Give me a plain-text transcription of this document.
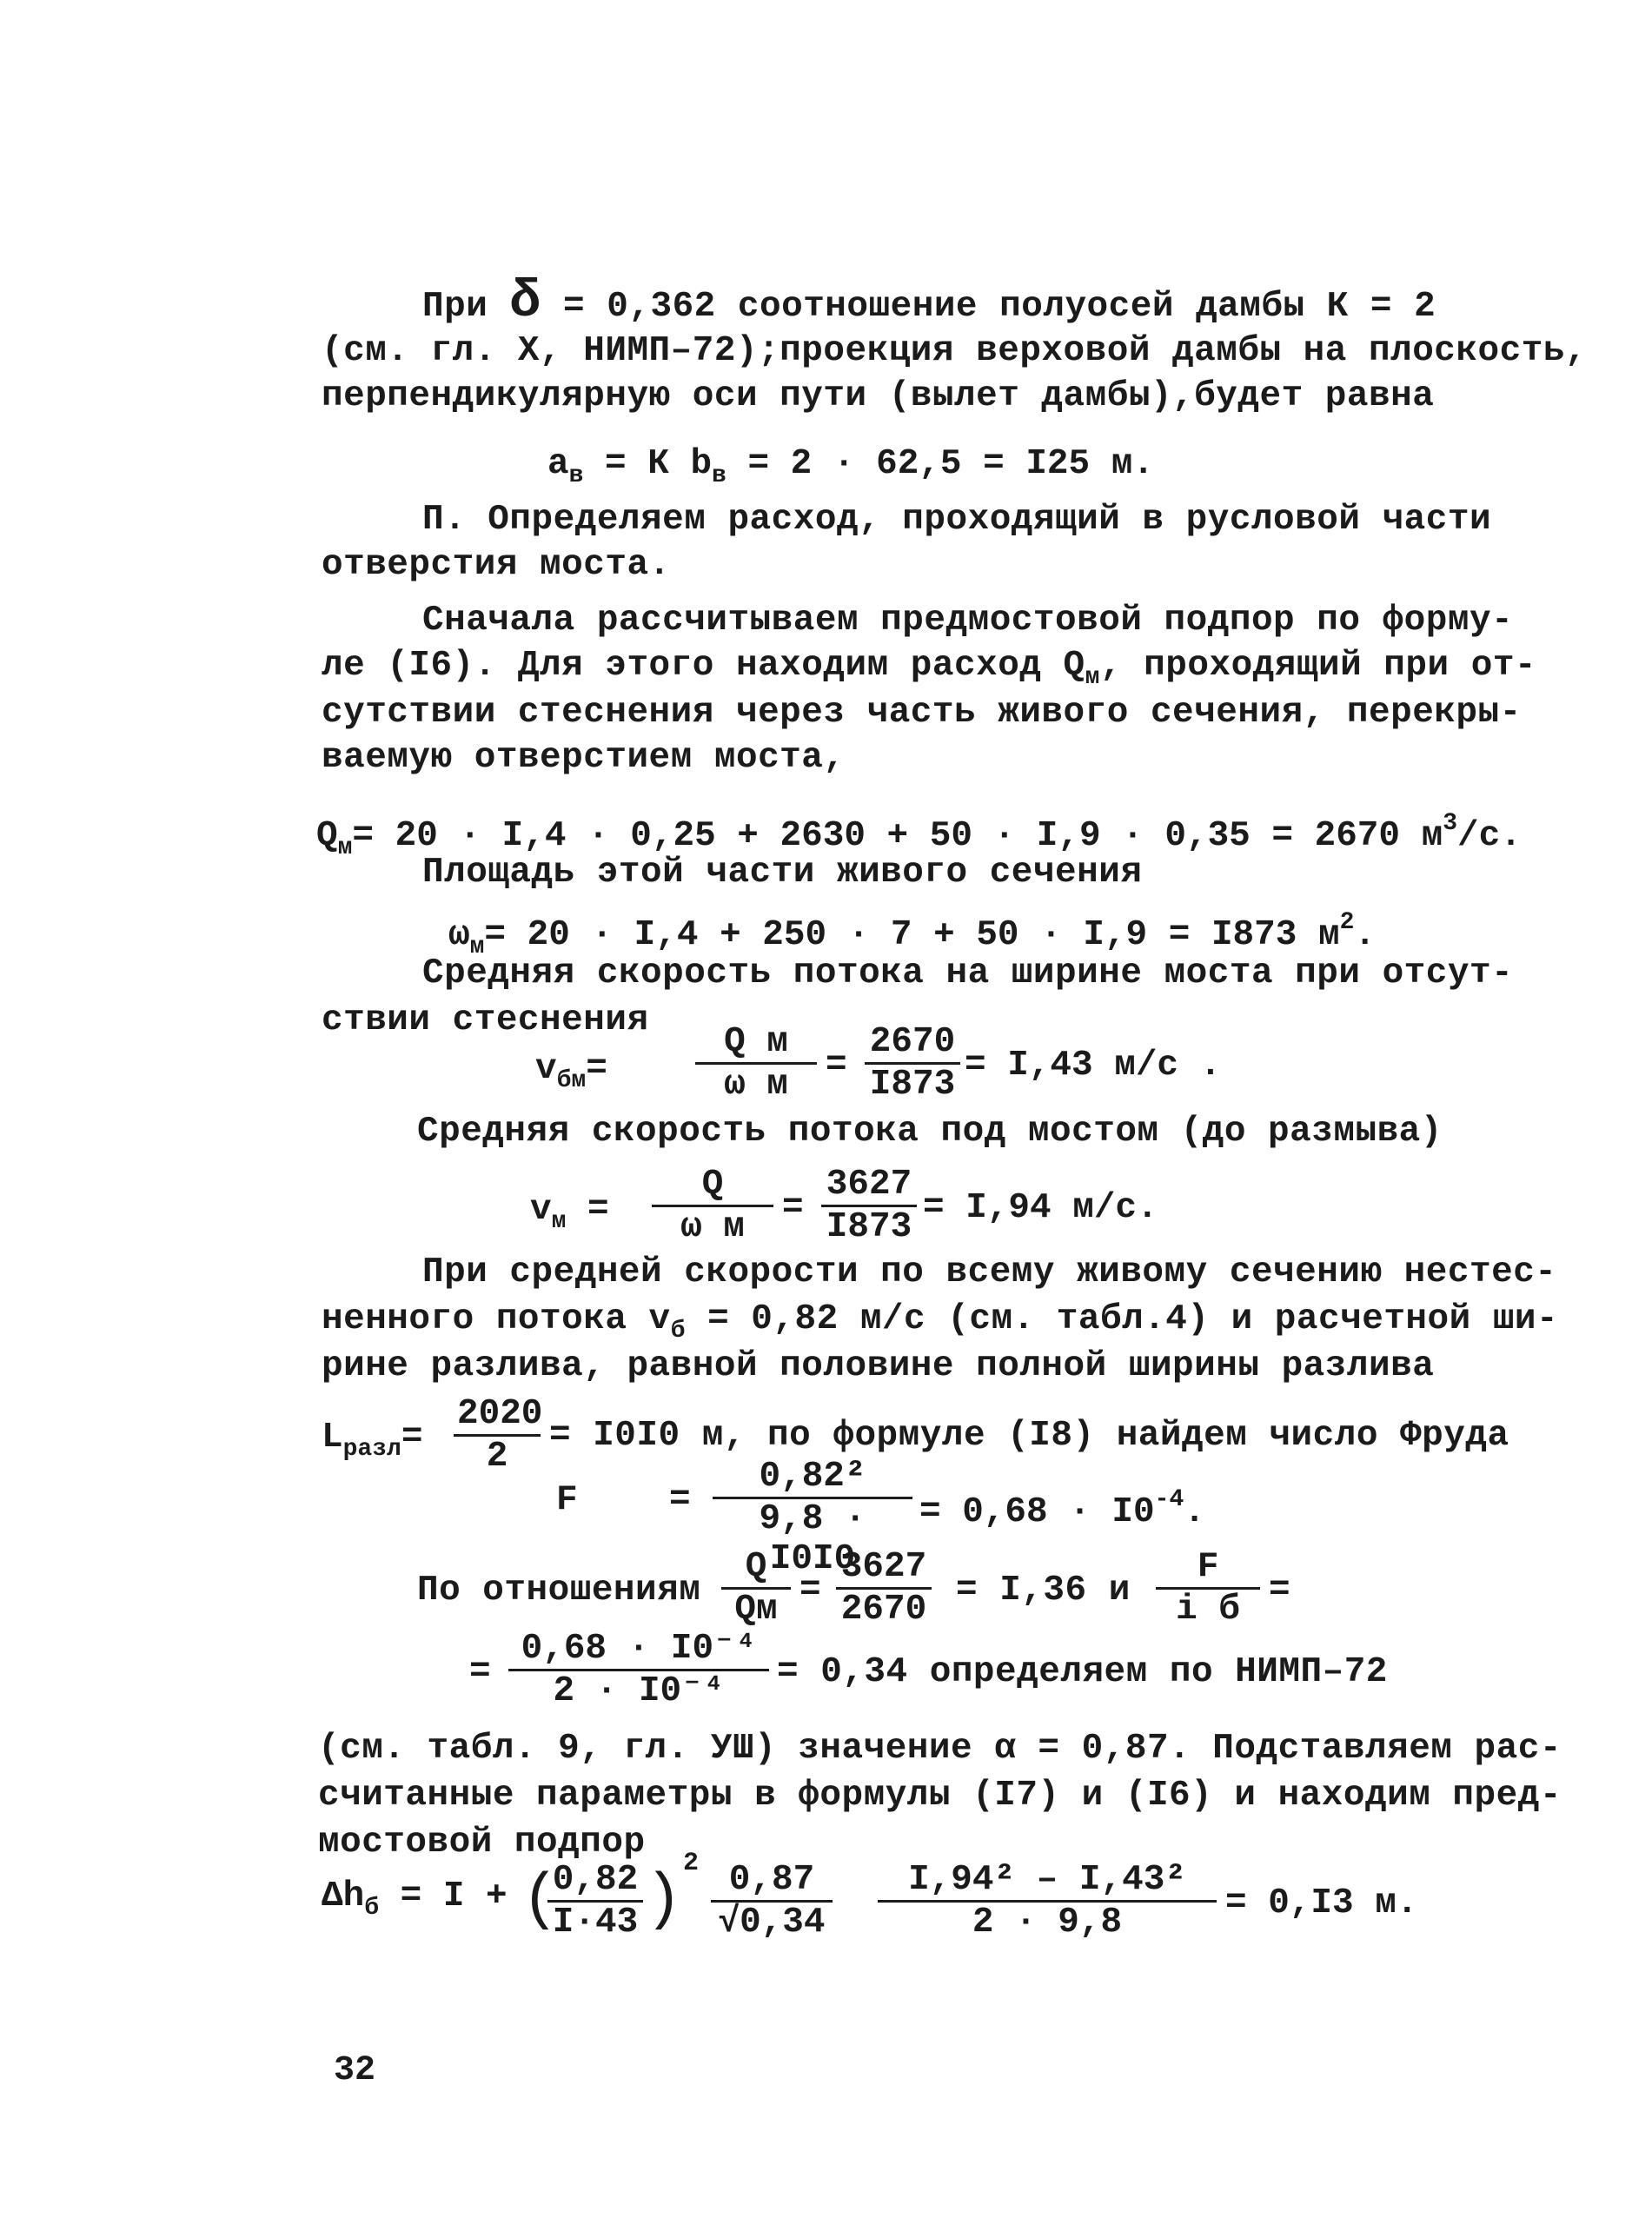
При δ = 0,362 соотношение полуосей дамбы К = 2
(см. гл. Х, НИМП–72);проекция верховой дамбы на плоскость,
перпендикулярную оси пути (вылет дамбы),будет равна
$a_в = К$ $b_в = 2 \cdot 62,5 = I25$ м.
П. Определяем расход, проходящий в русловой части
отверстия моста.
Сначала рассчитываем предмостовой подпор по форму-
ле (I6). Для этого находим расход $Q_м$, проходящий при от-
сутствии стеснения через часть живого сечения, перекры-
ваемую отверстием моста,
$Q_м= 20 \cdot I,4 \cdot 0,25 + 2630 + 50 \cdot I,9 \cdot 0,35 = 2670$ $м^3/с$.
Площадь этой части живого сечения
$\omega_м= 20 \cdot I,4 + 250 \cdot 7 + 50 \cdot I,9 = I873$ $м^2$.
Средняя скорость потока на ширине моста при отсут-
ствии стеснения
$v_{бм}=$
Q м
ω м	= $\frac{2670}{I873} = I,43$ м/с .
Средняя скорость потока под мостом (до размыва)
$v_м$ =
Q
ω м	= $\frac{3627}{I873} = I,94$ м/с.
При средней скорости по всему живому сечению нестес-
ненного потока $v_б = 0,82$ м/с (см. табл.4) и расчетной ши-
рине разлива, равной половине полной ширины разлива
$L_{разл}= \frac{2020}{2} = I0I0$ м, по формуле (I8) найдем число Фруда
F	= $\frac{\text{0,82²}}{9,8 \cdot I0I0} = 0,68 \cdot I0^{-4}$.
По отношениям
Q
Qм = $\frac{3627}{2670} = I,36$ и
F
i б =
= $\frac{\text{0,68 · I0⁻⁴}}{\text{2 · I0⁻⁴}} = 0,34$ определяем по НИМП–72
(см. табл. 9, гл. УШ) значение α = 0,87. Подставляем рас-
считанные параметры в формулы (I7) и (I6) и находим пред-
мостовой подпор
$\Delta h_б = I$ + (
$\frac{0,82}{I\cdot 43}$ )
$2 \frac{0,87}{√0,34} \frac{\text{I,94² – I,43²}}{2 \cdot 9,8} = 0,I3$ м.
32
